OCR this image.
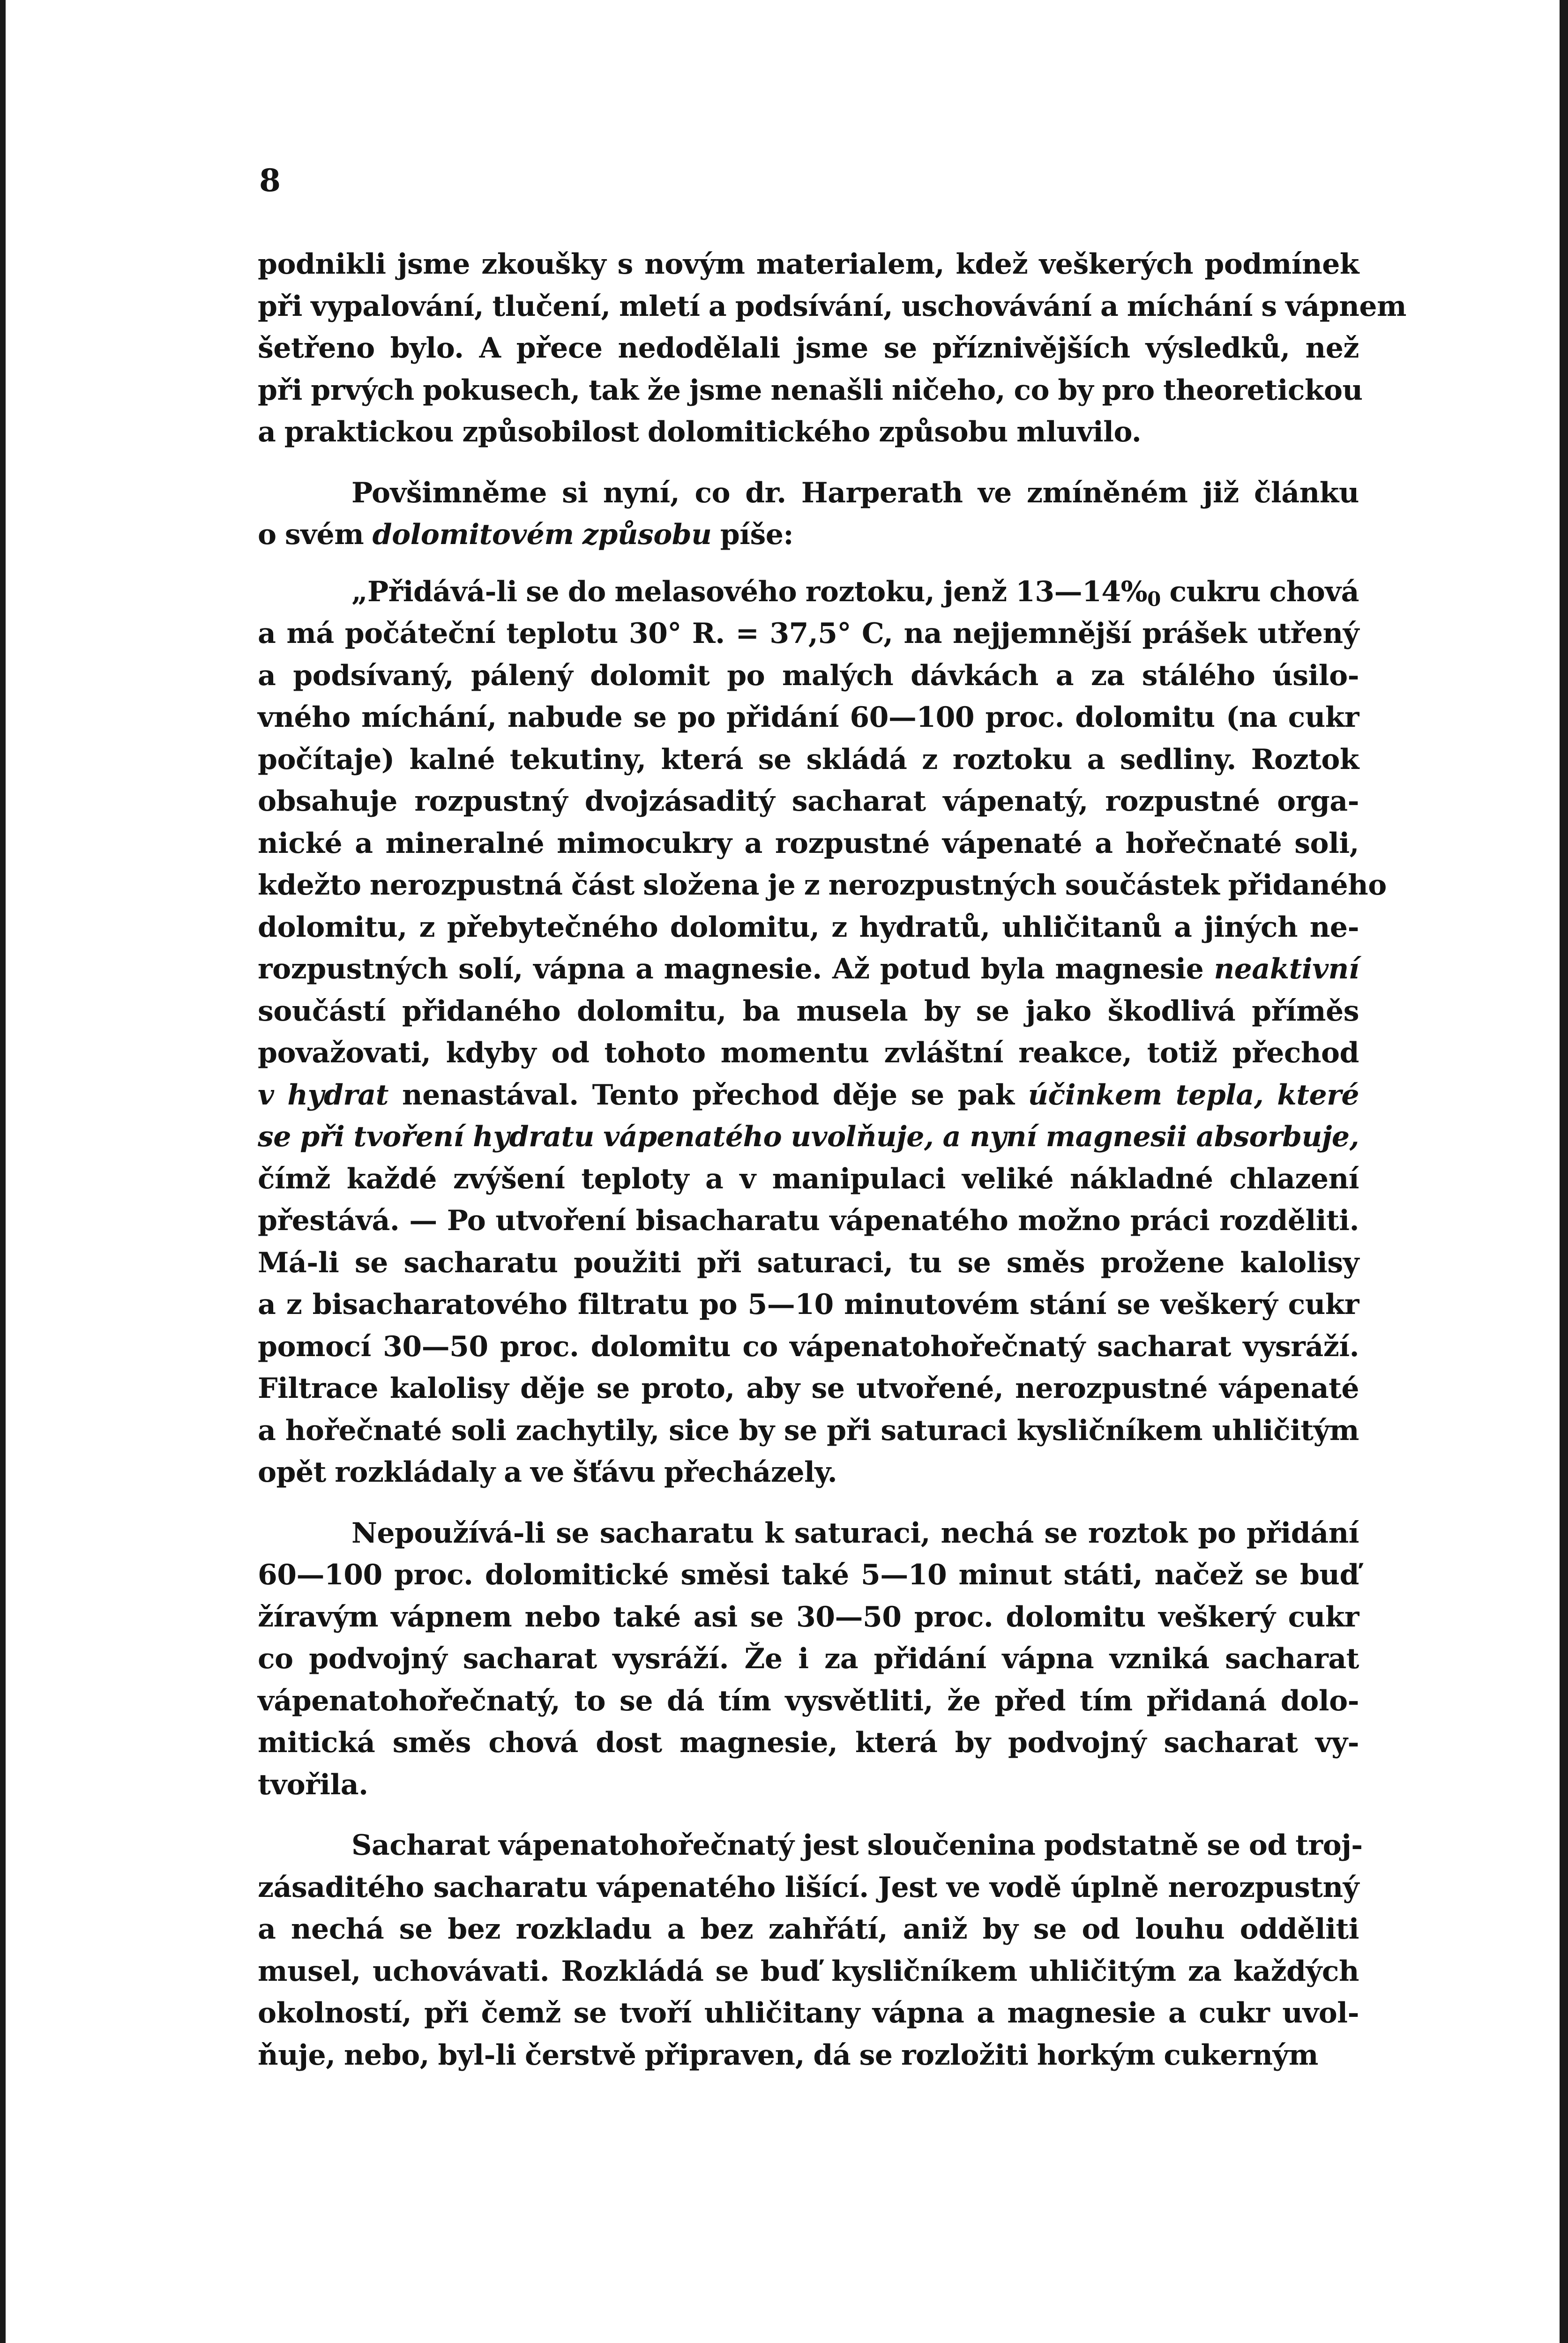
8
podnikli jsme zkoušky s novým materialem, kdež veškerých podmínek
při vypalování, tlučení, mletí a podsívání, uschovávání a míchání s vápnem
šetřeno bylo. A přece nedodělali jsme se příznivějších výsledků, než
při prvých pokusech, tak že jsme nenašli ničeho, co by pro theoretickou
a praktickou způsobilost dolomitického způsobu mluvilo.
Povšimněme si nyní, co dr. Harperath ve zmíněném již článku
o svém dolomitovém způsobu píše:
„Přidává-li se do melasového roztoku, jenž $13—14\%_0$ cukru chová
a má počáteční teplotu 30° R. = 37,5° C, na nejjemnější prášek utřený
a podsívaný, pálený dolomit po malých dávkách a za stálého úsilo-
vného míchání, nabude se po přidání 60—100 proc. dolomitu (na cukr
počítaje) kalné tekutiny, která se skládá z roztoku a sedliny. Roztok
obsahuje rozpustný dvojzásaditý sacharat vápenatý, rozpustné orga-
nické a mineralné mimocukry a rozpustné vápenaté a hořečnaté soli,
kdežto nerozpustná část složena je z nerozpustných součástek přidaného
dolomitu, z přebytečného dolomitu, z hydratů, uhličitanů a jiných ne-
rozpustných solí, vápna a magnesie. Až potud byla magnesie neaktivní
součástí přidaného dolomitu, ba musela by se jako škodlivá příměs
považovati, kdyby od tohoto momentu zvláštní reakce, totiž přechod
v hydrat nenastával. Tento přechod děje se pak účinkem tepla, které
se při tvoření hydratu vápenatého uvolňuje, a nyní magnesii absorbuje,
čímž každé zvýšení teploty a v manipulaci veliké nákladné chlazení
přestává. — Po utvoření bisacharatu vápenatého možno práci rozděliti.
Má-li se sacharatu použiti při saturaci, tu se směs prožene kalolisy
a z bisacharatového filtratu po 5—10 minutovém stání se veškerý cukr
pomocí 30—50 proc. dolomitu co vápenatohořečnatý sacharat vysráží.
Filtrace kalolisy děje se proto, aby se utvořené, nerozpustné vápenaté
a hořečnaté soli zachytily, sice by se při saturaci kysličníkem uhličitým
opět rozkládaly a ve šťávu přecházely.
Nepoužívá-li se sacharatu k saturaci, nechá se roztok po přidání
60—100 proc. dolomitické směsi také 5—10 minut státi, načež se buď
žíravým vápnem nebo také asi se 30—50 proc. dolomitu veškerý cukr
co podvojný sacharat vysráží. Že i za přidání vápna vzniká sacharat
vápenatohořečnatý, to se dá tím vysvětliti, že před tím přidaná dolo-
mitická směs chová dost magnesie, která by podvojný sacharat vy-
tvořila.
Sacharat vápenatohořečnatý jest sloučenina podstatně se od troj-
zásaditého sacharatu vápenatého lišící. Jest ve vodě úplně nerozpustný
a nechá se bez rozkladu a bez zahřátí, aniž by se od louhu odděliti
musel, uchovávati. Rozkládá se buď kysličníkem uhličitým za každých
okolností, při čemž se tvoří uhličitany vápna a magnesie a cukr uvol-
ňuje, nebo, byl-li čerstvě připraven, dá se rozložiti horkým cukerným
